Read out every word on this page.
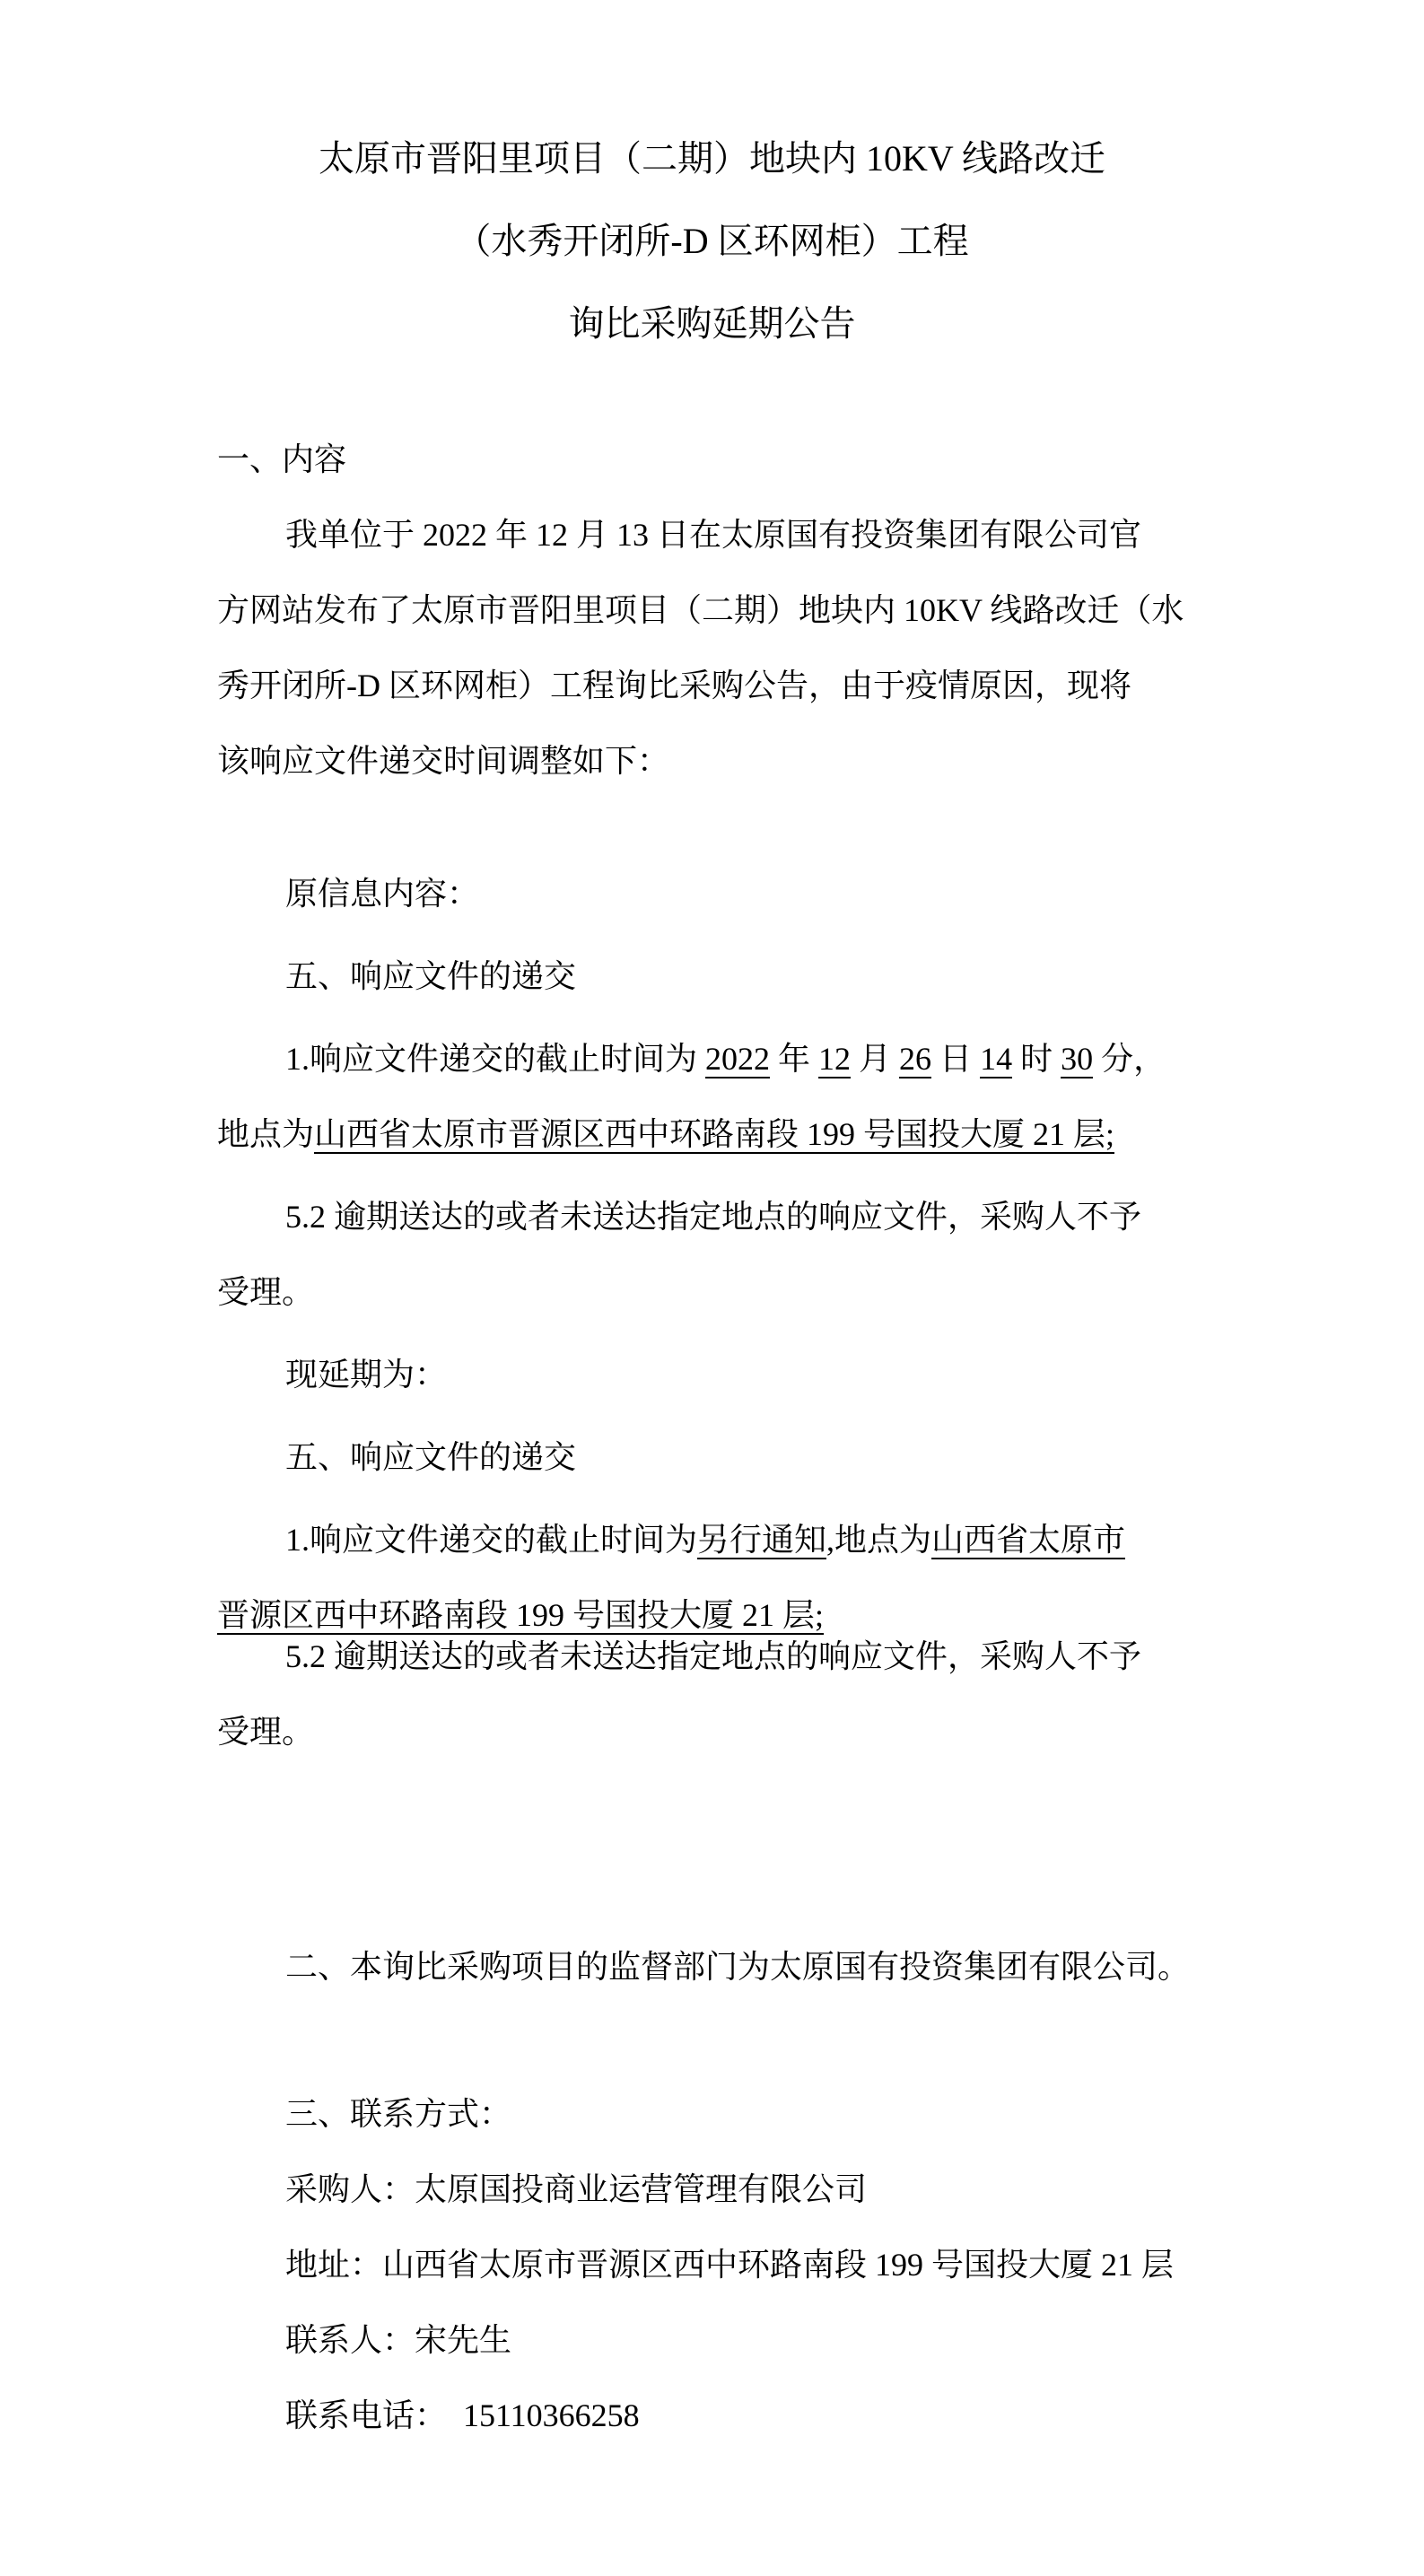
太原市晋阳里项目（二期）地块内 10KV 线路改迁
（水秀开闭所-D 区环网柜）工程
询比采购延期公告
一、内容
我单位于 2022 年 12 月 13 日在太原国有投资集团有限公司官
方网站发布了太原市晋阳里项目（二期）地块内 10KV 线路改迁（水
秀开闭所-D 区环网柜）工程询比采购公告，由于疫情原因，现将
该响应文件递交时间调整如下：
原信息内容：
五、响应文件的递交
1.响应文件递交的截止时间为 2022 年 12 月 26 日 14 时 30 分，
地点为山西省太原市晋源区西中环路南段 199 号国投大厦 21 层;
5.2 逾期送达的或者未送达指定地点的响应文件，采购人不予
受理。
现延期为：
五、响应文件的递交
1.响应文件递交的截止时间为另行通知,地点为山西省太原市
晋源区西中环路南段 199 号国投大厦 21 层;
5.2 逾期送达的或者未送达指定地点的响应文件，采购人不予
受理。
二、本询比采购项目的监督部门为太原国有投资集团有限公司。
三、联系方式：
采购人：太原国投商业运营管理有限公司
地址：山西省太原市晋源区西中环路南段 199 号国投大厦 21 层
联系人：宋先生
联系电话：　15110366258
